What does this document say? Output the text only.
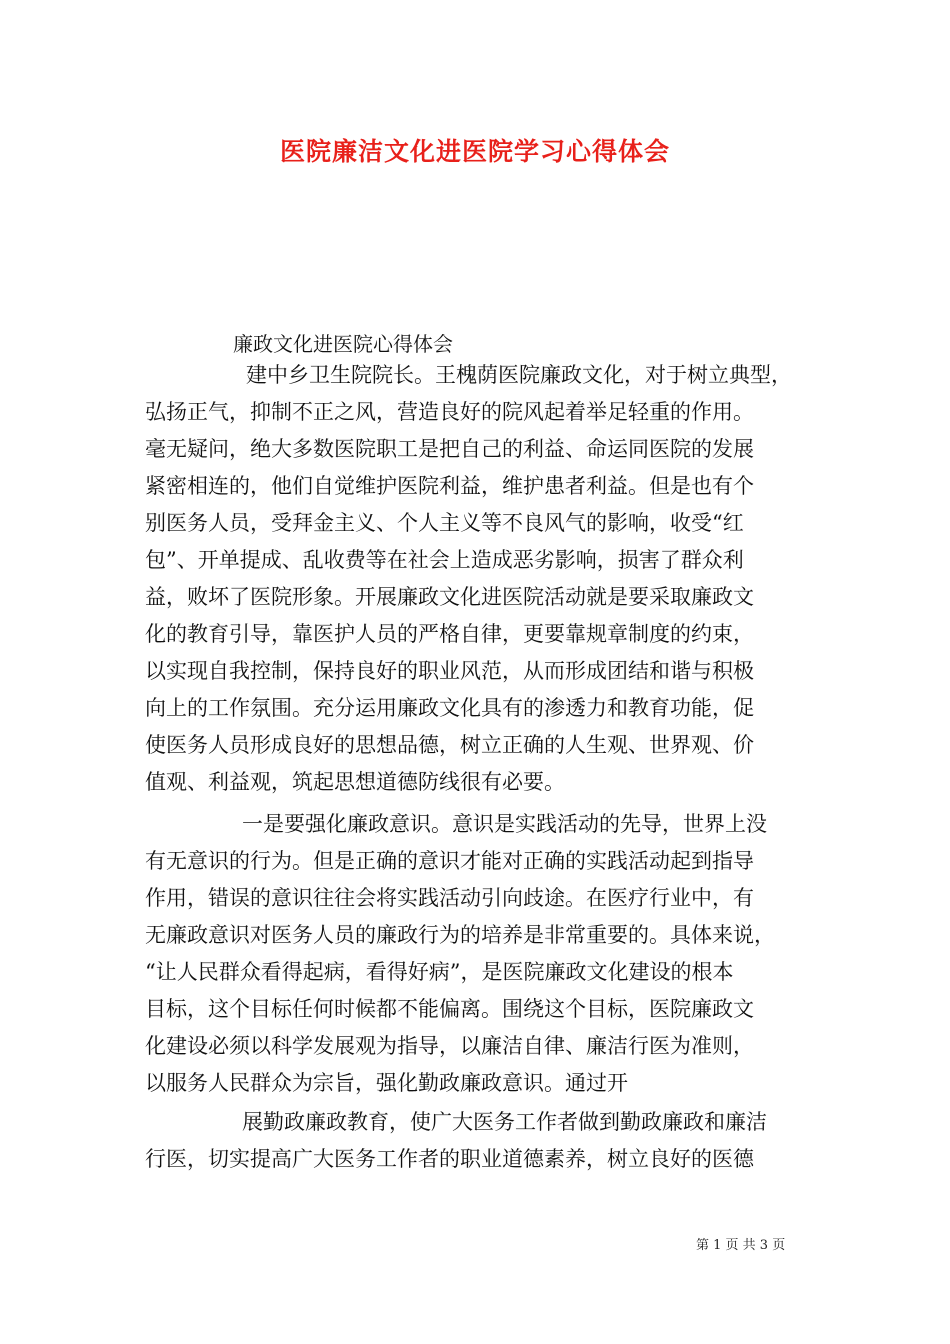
医院廉洁文化进医院学习心得体会

廉政文化进医院心得体会

建中乡卫生院院长。王槐荫医院廉政文化，对于树立典型，
弘扬正气，抑制不正之风，营造良好的院风起着举足轻重的作用。
毫无疑问，绝大多数医院职工是把自己的利益、命运同医院的发展
紧密相连的，他们自觉维护医院利益，维护患者利益。但是也有个
别医务人员，受拜金主义、个人主义等不良风气的影响，收受“红
包”、开单提成、乱收费等在社会上造成恶劣影响，损害了群众利
益，败坏了医院形象。开展廉政文化进医院活动就是要采取廉政文
化的教育引导，靠医护人员的严格自律，更要靠规章制度的约束，
以实现自我控制，保持良好的职业风范，从而形成团结和谐与积极
向上的工作氛围。充分运用廉政文化具有的渗透力和教育功能，促
使医务人员形成良好的思想品德，树立正确的人生观、世界观、价
值观、利益观，筑起思想道德防线很有必要。
一是要强化廉政意识。意识是实践活动的先导，世界上没
有无意识的行为。但是正确的意识才能对正确的实践活动起到指导
作用，错误的意识往往会将实践活动引向歧途。在医疗行业中，有
无廉政意识对医务人员的廉政行为的培养是非常重要的。具体来说，
“让人民群众看得起病，看得好病”，是医院廉政文化建设的根本
目标，这个目标任何时候都不能偏离。围绕这个目标，医院廉政文
化建设必须以科学发展观为指导，以廉洁自律、廉洁行医为准则，
以服务人民群众为宗旨，强化勤政廉政意识。通过开
展勤政廉政教育，使广大医务工作者做到勤政廉政和廉洁
行医，切实提高广大医务工作者的职业道德素养，树立良好的医德
第 1 页 共 3 页
